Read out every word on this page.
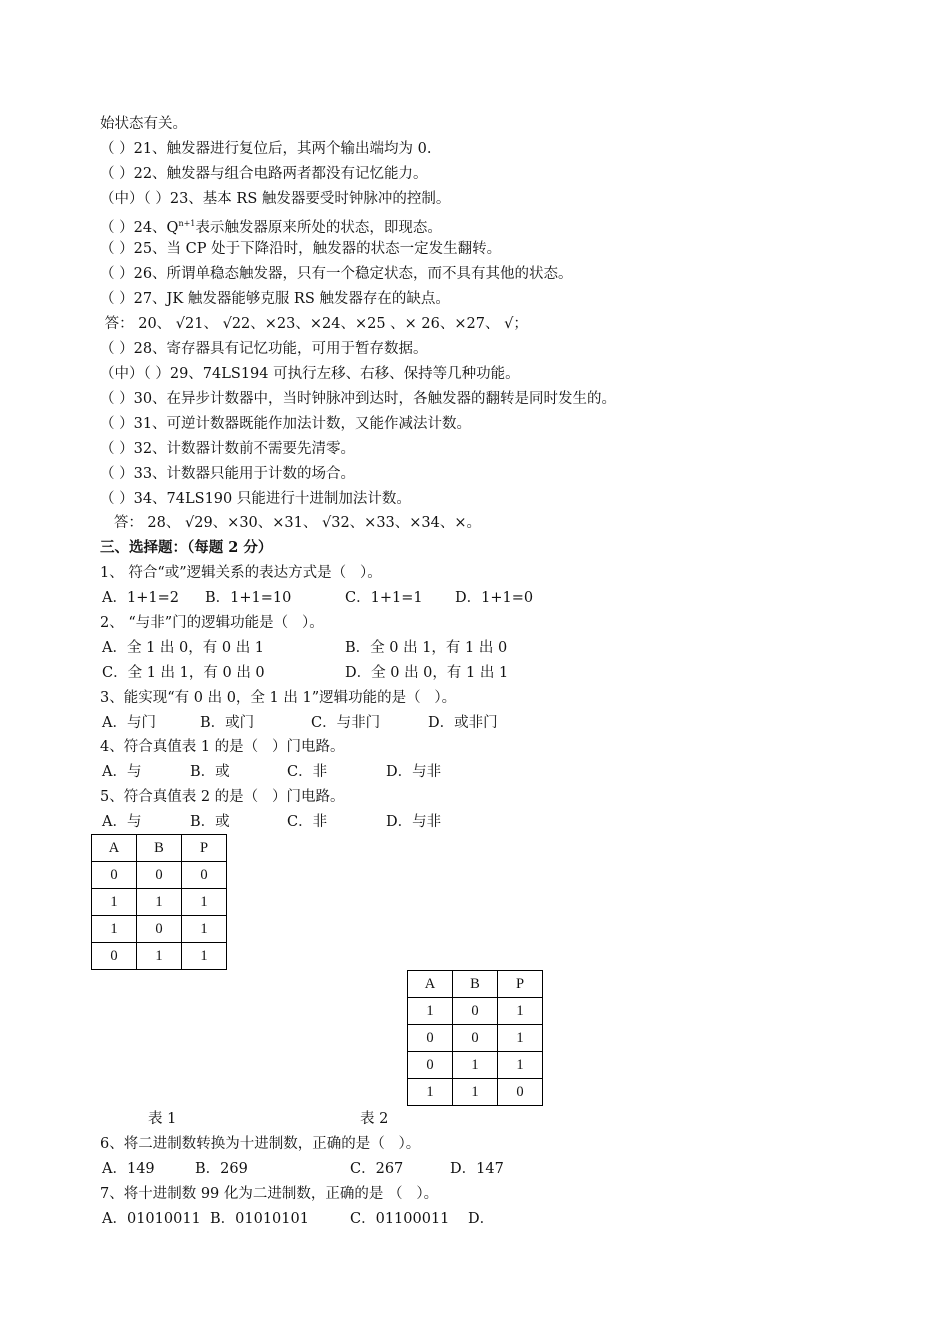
始状态有关。
（ ）21、触发器进行复位后，其两个输出端均为 0.
（ ）22、触发器与组合电路两者都没有记忆能力。
（中）（ ）23、基本 RS 触发器要受时钟脉冲的控制。
（ ）24、$Q^{n+1}$表示触发器原来所处的状态，即现态。
（ ）25、当 CP 处于下降沿时，触发器的状态一定发生翻转。
（ ）26、所谓单稳态触发器，只有一个稳定状态，而不具有其他的状态。
（ ）27、JK 触发器能够克服 RS 触发器存在的缺点。
答： 20、 √21、 √22、×23、×24、×25 、× 26、×27、 √；
（ ）28、寄存器具有记忆功能，可用于暂存数据。
（中）（ ）29、74LS194 可执行左移、右移、保持等几种功能。
（ ）30、在异步计数器中，当时钟脉冲到达时，各触发器的翻转是同时发生的。
（ ）31、可逆计数器既能作加法计数，又能作减法计数。
（ ）32、计数器计数前不需要先清零。
（ ）33、计数器只能用于计数的场合。
（ ）34、74LS190 只能进行十进制加法计数。
答： 28、 √29、×30、×31、 √32、×33、×34、×。
三、选择题：（每题 2 分）
1、 符合“或”逻辑关系的表达方式是（   ）。
A．1+1=2 B．1+1=10	C．1+1=1 D．1+1=0
2、 “与非”门的逻辑功能是（   ）。
A．全 1 出 0，有 0 出 1	B．全 0 出 1，有 1 出 0
C．全 1 出 1，有 0 出 0	D．全 0 出 0，有 1 出 1
3、能实现“有 0 出 0，全 1 出 1”逻辑功能的是（   ）。
A．与门	B．或门	C．与非门	D．或非门
4、符合真值表 1 的是（   ）门电路。
A．与	B．或	C．非	D．与非
5、符合真值表 2 的是（   ）门电路。
A．与	B．或	C．非	D．与非
A	B	P
0	0	0
1	1	1
1	0	1
0	1	1
A	B	P
1	0	1
0	0	1
0	1	1
1	1	0
表 1	表 2
6、将二进制数转换为十进制数，正确的是（   ）。
A．149	B．269	C．267	D．147
7、将十进制数 99 化为二进制数，正确的是 （   ）。
A．01010011 B．01010101	C．01100011 D．
